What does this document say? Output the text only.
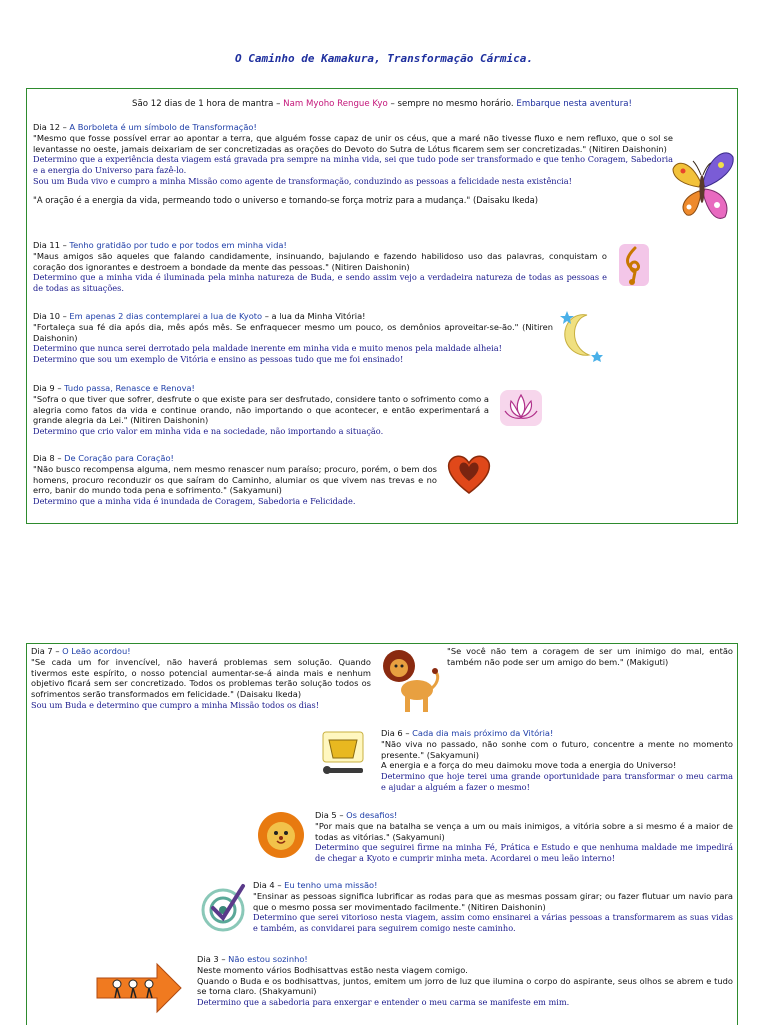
O Caminho de Kamakura, Transformação Cármica.
São 12 dias de 1 hora de mantra – Nam Myoho Rengue Kyo – sempre no mesmo horário. Embarque nesta aventura!

Dia 12 – A Borboleta é um símbolo de Transformação!

"Mesmo que fosse possível errar ao apontar a terra, que alguém fosse capaz de unir os céus, que a maré não tivesse fluxo e nem refluxo, que o sol se levantasse no oeste, jamais deixariam de ser concretizadas as orações do Devoto do Sutra de Lótus ficarem sem ser concretizadas." (Nitiren Daishonin)

Determino que a experiência desta viagem está gravada pra sempre na minha vida, sei que tudo pode ser transformado e que tenho Coragem, Sabedoria e a energia do Universo para fazê-lo.

Sou um Buda vivo e cumpro a minha Missão como agente de transformação, conduzindo as pessoas a felicidade nesta existência!

"A oração é a energia da vida, permeando todo o universo e tornando-se força motriz para a mudança." (Daisaku Ikeda)

Dia 11 – Tenho gratidão por tudo e por todos em minha vida!

"Maus amigos são aqueles que falando candidamente, insinuando, bajulando e fazendo habilidoso uso das palavras, conquistam o coração dos ignorantes e destroem a bondade da mente das pessoas." (Nitiren Daishonin)

Determino que a minha vida é iluminada pela minha natureza de Buda, e sendo assim vejo a verdadeira natureza de todas as pessoas e de todas as situações.

Dia 10 – Em apenas 2 dias contemplarei a lua de Kyoto – a lua da Minha Vitória!

"Fortaleça sua fé dia após dia, mês após mês. Se enfraquecer mesmo um pouco, os demônios aproveitar-se-ão." (Nitiren Daishonin)

Determino que nunca serei derrotado pela maldade inerente em minha vida e muito menos pela maldade alheia!

Determino que sou um exemplo de Vitória e ensino as pessoas tudo que me foi ensinado!

Dia 9 – Tudo passa, Renasce e Renova!

"Sofra o que tiver que sofrer, desfrute o que existe para ser desfrutado, considere tanto o sofrimento como a alegria como fatos da vida e continue orando, não importando o que acontecer, e então experimentará a grande alegria da Lei." (Nitiren Daishonin)

Determino que crio valor em minha vida e na sociedade, não importando a situação.

Dia 8 – De Coração para Coração!

"Não busco recompensa alguma, nem mesmo renascer num paraíso; procuro, porém, o bem dos homens, procuro reconduzir os que saíram do Caminho, alumiar os que vivem nas trevas e no erro, banir do mundo toda pena e sofrimento." (Sakyamuni)

Determino que a minha vida é inundada de Coragem, Sabedoria e Felicidade.

Dia 7 – O Leão acordou!

"Se cada um for invencível, não haverá problemas sem solução. Quando tivermos este espírito, o nosso potencial aumentar-se-á ainda mais e nenhum objetivo ficará sem ser concretizado. Todos os problemas terão solução todos os sofrimentos serão transformados em felicidade." (Daisaku Ikeda)

Sou um Buda e determino que cumpro a minha Missão todos os dias!

"Se você não tem a coragem de ser um inimigo do mal, então também não pode ser um amigo do bem." (Makiguti)

Dia 6 – Cada dia mais próximo da Vitória!

"Não viva no passado, não sonhe com o futuro, concentre a mente no momento presente." (Sakyamuni)

A energia e a força do meu daimoku move toda a energia do Universo!

Determino que hoje terei uma grande oportunidade para transformar o meu carma e ajudar a alguém a fazer o mesmo!

Dia 5 – Os desafios!

"Por mais que na batalha se vença a um ou mais inimigos, a vitória sobre a si mesmo é a maior de todas as vitórias." (Sakyamuni)

Determino que seguirei firme na minha Fé, Prática e Estudo e que nenhuma maldade me impedirá de chegar a Kyoto e cumprir minha meta. Acordarei o meu leão interno!

Dia 4 – Eu tenho uma missão!

"Ensinar as pessoas significa lubrificar as rodas para que as mesmas possam girar; ou fazer flutuar um navio para que o mesmo possa ser movimentado facilmente." (Nitiren Daishonin)

Determino que serei vitorioso nesta viagem, assim como ensinarei a várias pessoas a transformarem as suas vidas e também, as convidarei para seguirem comigo neste caminho.

Dia 3 – Não estou sozinho!

Neste momento vários Bodhisattvas estão nesta viagem comigo.

Quando o Buda e os bodhisattvas, juntos, emitem um jorro de luz que ilumina o corpo do aspirante, seus olhos se abrem e tudo se torna claro. (Shakyamuni)

Determino que a sabedoria para enxergar e entender o meu carma se manifeste em mim.
